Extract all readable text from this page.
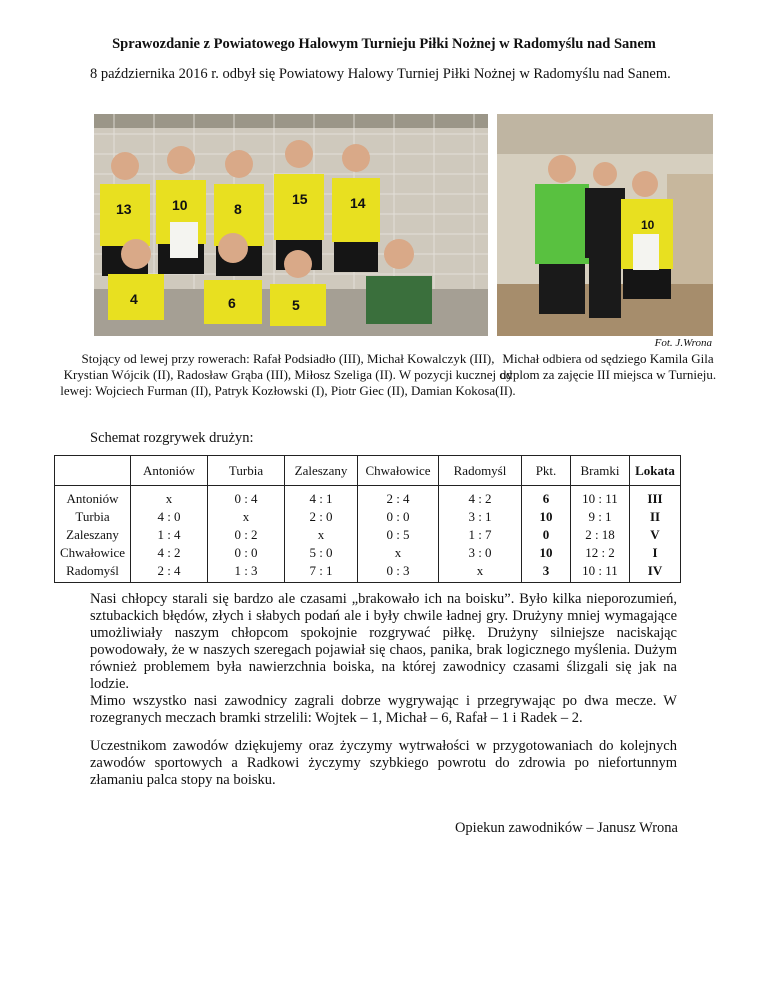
Sprawozdanie z Powiatowego Halowym Turnieju Piłki Nożnej w Radomyślu nad Sanem
8 października 2016 r. odbył się Powiatowy Halowy Turniej Piłki Nożnej w Radomyślu nad Sanem.
13	10	8
15	14
4	6	5
10
Fot. J.Wrona
Stojący od lewej przy rowerach: Rafał Podsiadło (III), Michał Kowalczyk (III), Krystian Wójcik (II), Radosław Grąba (III), Miłosz Szeliga (II). W pozycji kucznej od lewej: Wojciech Furman (II), Patryk Kozłowski (I), Piotr Giec (II), Damian Kokosa(II).
Michał odbiera od sędziego Kamila Gila dyplom za zajęcie III miejsca w Turnieju.
Schemat rozgrywek drużyn:
	Antoniów	Turbia	Zaleszany	Chwałowice	Radomyśl	Pkt.	Bramki	Lokata
Antoniów	x	0 : 4	4 : 1	2 : 4	4 : 2	6	10 : 11	III
Turbia	4 : 0	x	2 : 0	0 : 0	3 : 1	10	9 : 1	II
Zaleszany	1 : 4	0 : 2	x	0 : 5	1 : 7	0	2 : 18	V
Chwałowice	4 : 2	0 : 0	5 : 0	x	3 : 0	10	12 : 2	I
Radomyśl	2 : 4	1 : 3	7 : 1	0 : 3	x	3	10 : 11	IV
Nasi chłopcy starali się bardzo ale czasami „brakowało ich na boisku”. Było kilka nieporozumień, sztubackich błędów, złych i słabych podań ale i były chwile ładnej gry. Drużyny mniej wymagające umożliwiały naszym chłopcom spokojnie rozgrywać piłkę. Drużyny silniejsze naciskając powodowały, że w naszych szeregach pojawiał się chaos, panika, brak logicznego myślenia. Dużym również problemem była nawierzchnia boiska, na której zawodnicy czasami ślizgali się jak na lodzie.
Mimo wszystko nasi zawodnicy zagrali dobrze wygrywając i przegrywając po dwa mecze. W rozegranych meczach bramki strzelili: Wojtek – 1, Michał – 6, Rafał – 1 i Radek – 2.
Uczestnikom zawodów dziękujemy oraz życzymy wytrwałości w przygotowaniach do kolejnych zawodów sportowych a Radkowi życzymy szybkiego powrotu do zdrowia po niefortunnym złamaniu palca stopy na boisku.
Opiekun zawodników – Janusz Wrona
